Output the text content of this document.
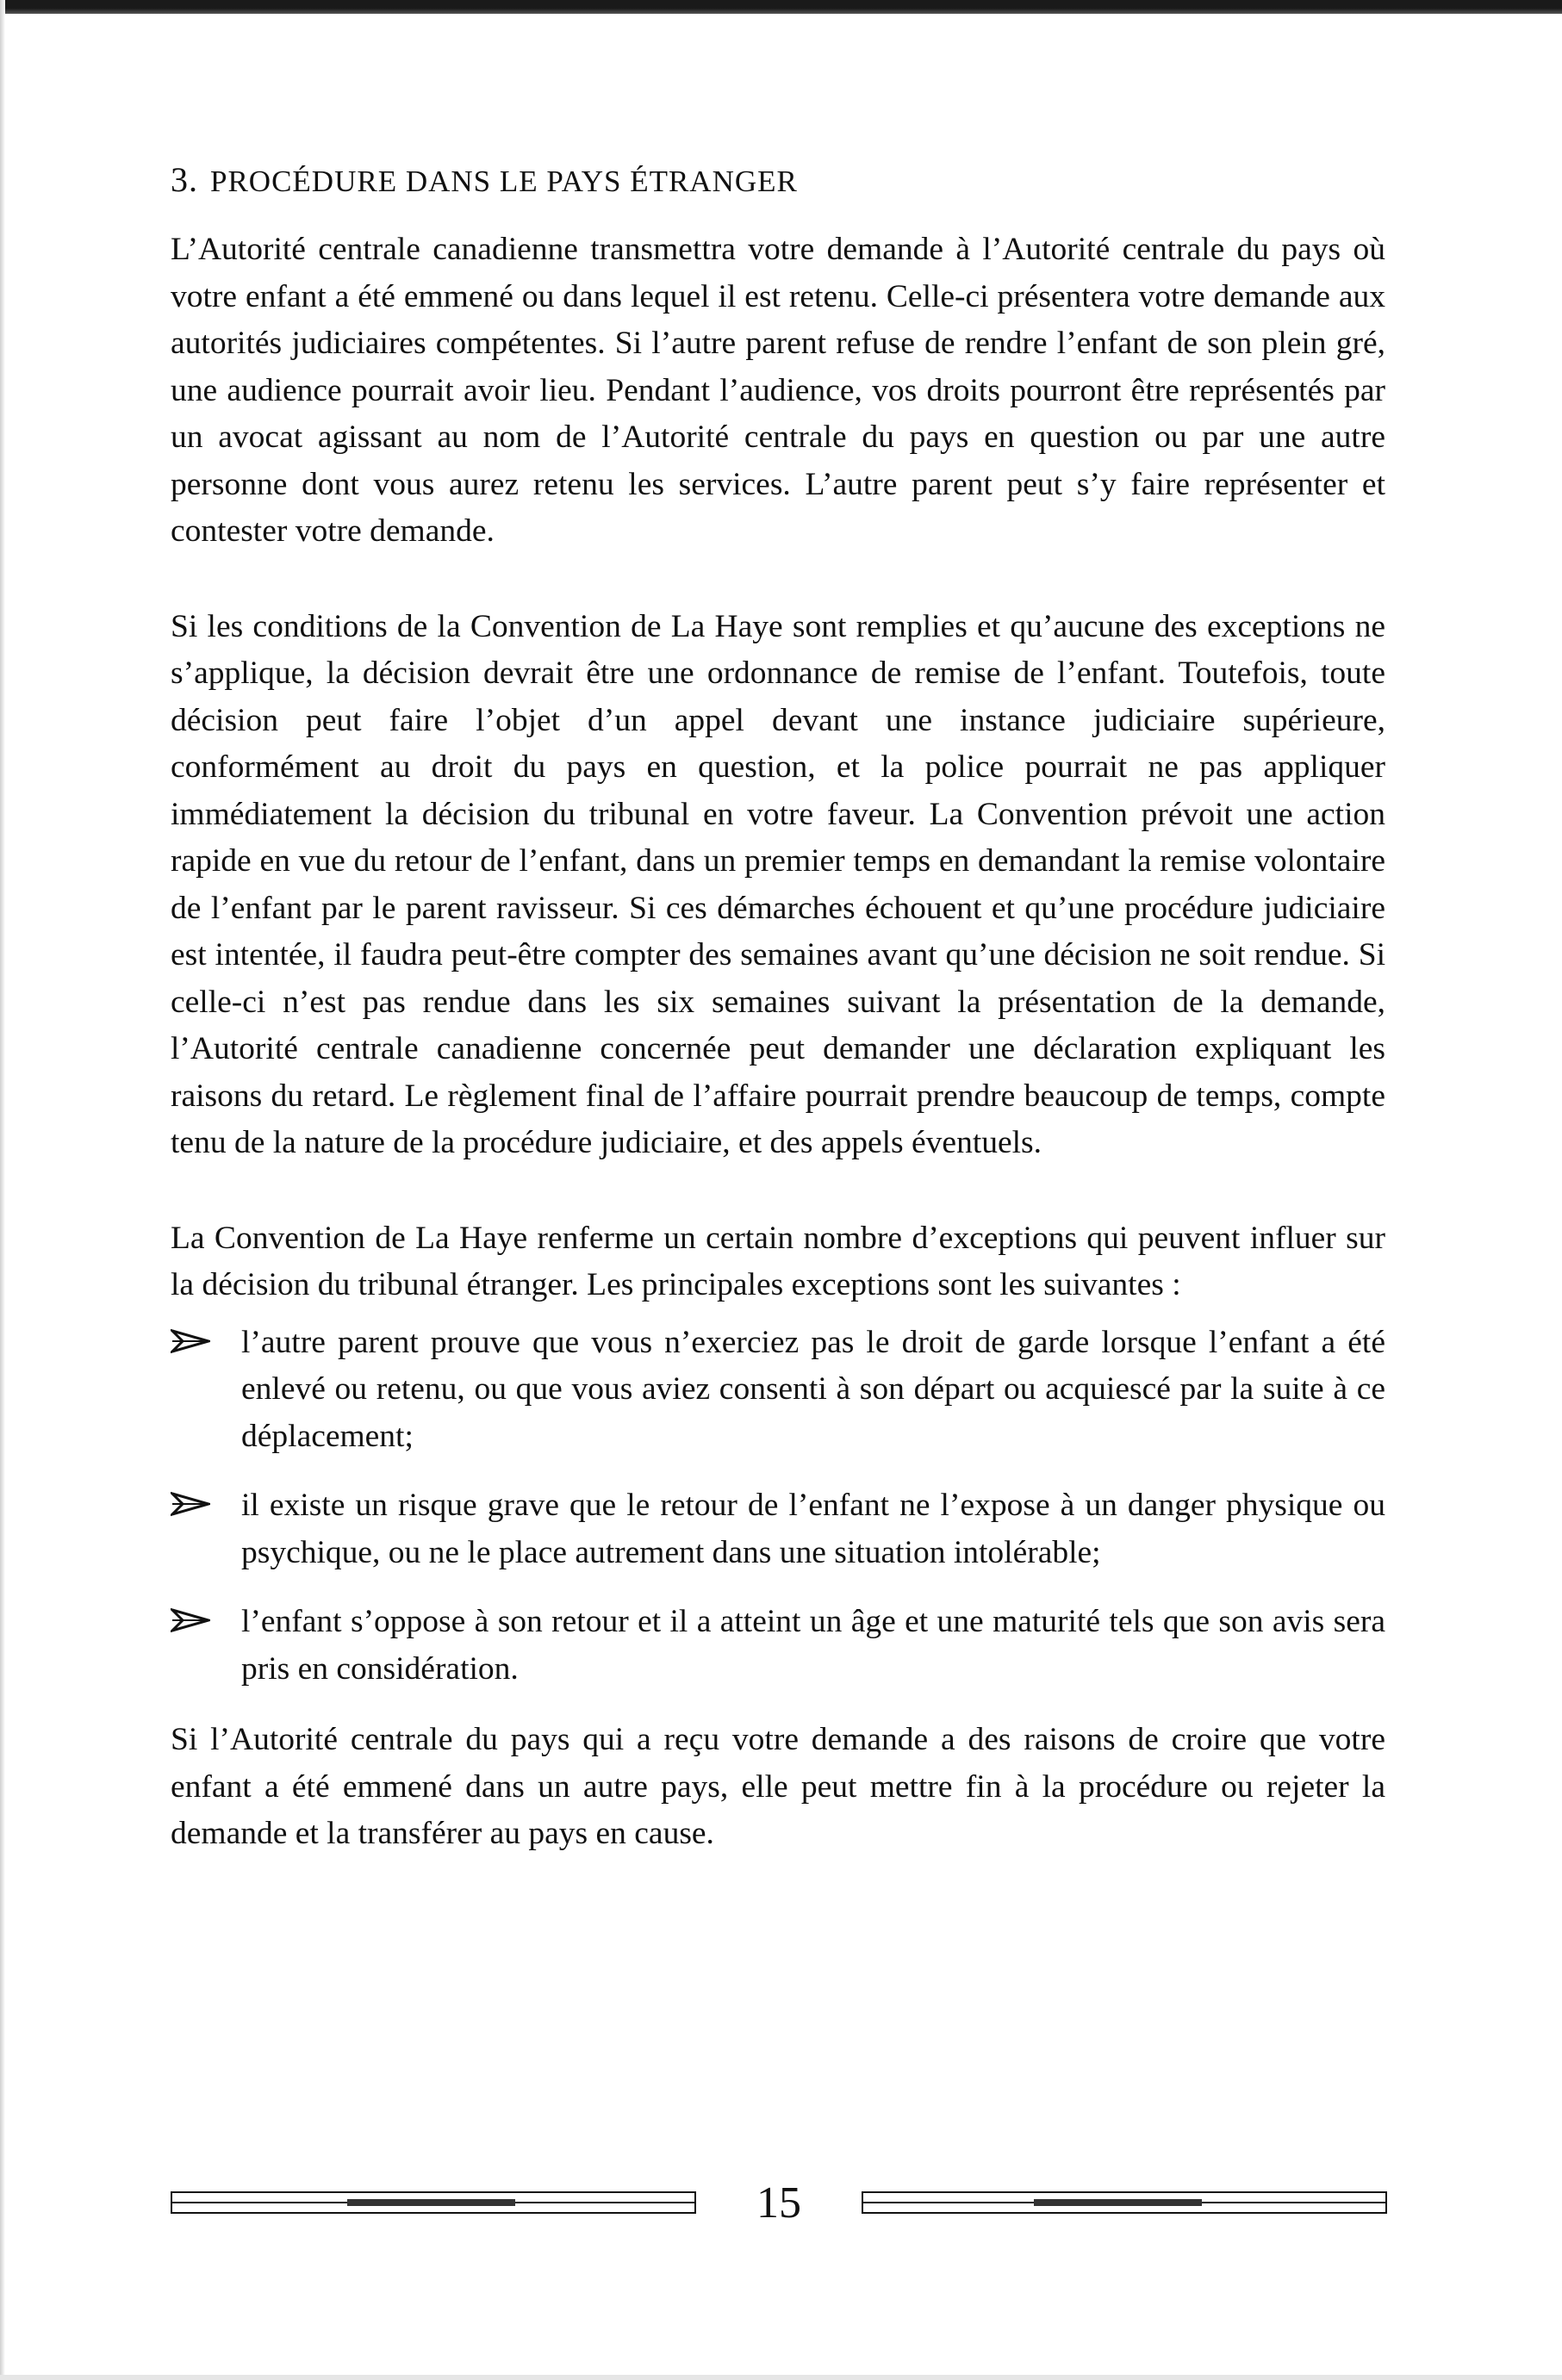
3. PROCÉDURE DANS LE PAYS ÉTRANGER

L’Autorité centrale canadienne transmettra votre demande à l’Autorité centrale du pays où votre enfant a été emmené ou dans lequel il est retenu. Celle-ci présentera votre demande aux autorités judiciaires compétentes. Si l’autre parent refuse de rendre l’enfant de son plein gré, une audience pourrait avoir lieu. Pendant l’audience, vos droits pourront être représentés par un avocat agissant au nom de l’Autorité centrale du pays en question ou par une autre personne dont vous aurez retenu les services. L’autre parent peut s’y faire représenter et contester votre demande.

Si les conditions de la Convention de La Haye sont remplies et qu’aucune des exceptions ne s’applique, la décision devrait être une ordonnance de remise de l’enfant. Toutefois, toute décision peut faire l’objet d’un appel devant une instance judiciaire supérieure, conformément au droit du pays en question, et la police pourrait ne pas appliquer immédiatement la décision du tribunal en votre faveur. La Convention prévoit une action rapide en vue du retour de l’enfant, dans un premier temps en demandant la remise volontaire de l’enfant par le parent ravisseur. Si ces démarches échouent et qu’une procédure judiciaire est intentée, il faudra peut-être compter des semaines avant qu’une décision ne soit rendue. Si celle-ci n’est pas rendue dans les six semaines suivant la présentation de la demande, l’Autorité centrale canadienne concernée peut demander une déclaration expliquant les raisons du retard. Le règlement final de l’affaire pourrait prendre beaucoup de temps, compte tenu de la nature de la procédure judiciaire, et des appels éventuels.

La Convention de La Haye renferme un certain nombre d’exceptions qui peuvent influer sur la décision du tribunal étranger. Les principales exceptions sont les suivantes :

l’autre parent prouve que vous n’exerciez pas le droit de garde lorsque l’enfant a été enlevé ou retenu, ou que vous aviez consenti à son départ ou acquiescé par la suite à ce déplacement;
il existe un risque grave que le retour de l’enfant ne l’expose à un danger physique ou psychique, ou ne le place autrement dans une situation intolérable;
l’enfant s’oppose à son retour et il a atteint un âge et une maturité tels que son avis sera pris en considération.

Si l’Autorité centrale du pays qui a reçu votre demande a des raisons de croire que votre enfant a été emmené dans un autre pays, elle peut mettre fin à la procédure ou rejeter la demande et la transférer au pays en cause.

15
